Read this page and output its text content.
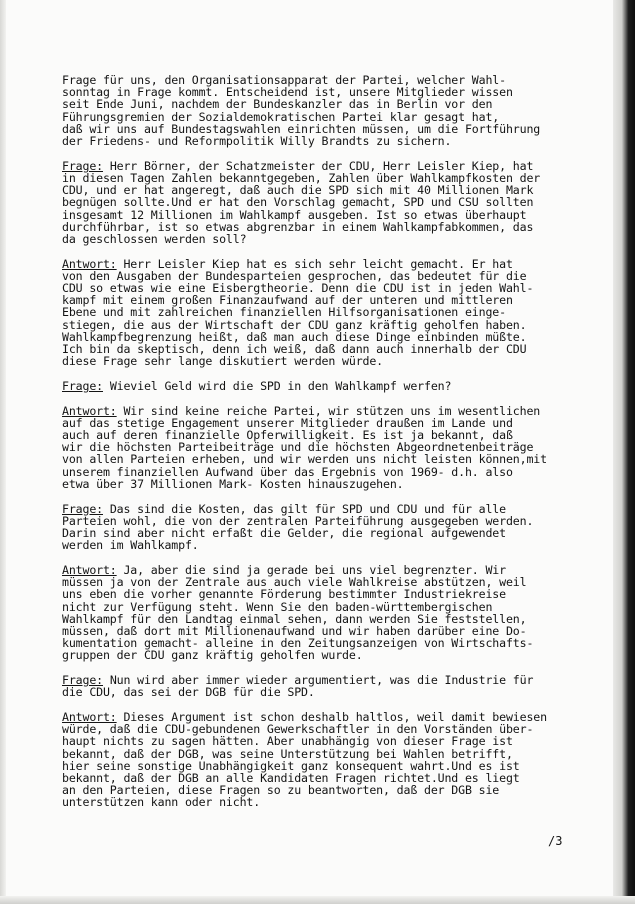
Frage für uns, den Organisationsapparat der Partei, welcher Wahl-
sonntag in Frage kommt. Entscheidend ist, unsere Mitglieder wissen
seit Ende Juni, nachdem der Bundeskanzler das in Berlin vor den
Führungsgremien der Sozialdemokratischen Partei klar gesagt hat,
daß wir uns auf Bundestagswahlen einrichten müssen, um die Fortführung
der Friedens- und Reformpolitik Willy Brandts zu sichern.

Frage: Herr Börner, der Schatzmeister der CDU, Herr Leisler Kiep, hat
in diesen Tagen Zahlen bekanntgegeben, Zahlen über Wahlkampfkosten der
CDU, und er hat angeregt, daß auch die SPD sich mit 40 Millionen Mark
begnügen sollte.Und er hat den Vorschlag gemacht, SPD und CSU sollten
insgesamt 12 Millionen im Wahlkampf ausgeben. Ist so etwas überhaupt
durchführbar, ist so etwas abgrenzbar in einem Wahlkampfabkommen, das
da geschlossen werden soll?

Antwort: Herr Leisler Kiep hat es sich sehr leicht gemacht. Er hat
von den Ausgaben der Bundesparteien gesprochen, das bedeutet für die
CDU so etwas wie eine Eisbergtheorie. Denn die CDU ist in jeden Wahl-
kampf mit einem großen Finanzaufwand auf der unteren und mittleren
Ebene und mit zahlreichen finanziellen Hilfsorganisationen einge-
stiegen, die aus der Wirtschaft der CDU ganz kräftig geholfen haben.
Wahlkampfbegrenzung heißt, daß man auch diese Dinge einbinden müßte.
Ich bin da skeptisch, denn ich weiß, daß dann auch innerhalb der CDU
diese Frage sehr lange diskutiert werden würde.

Frage: Wieviel Geld wird die SPD in den Wahlkampf werfen?

Antwort: Wir sind keine reiche Partei, wir stützen uns im wesentlichen
auf das stetige Engagement unserer Mitglieder draußen im Lande und
auch auf deren finanzielle Opferwilligkeit. Es ist ja bekannt, daß
wir die höchsten Parteibeiträge und die höchsten Abgeordnetenbeiträge
von allen Parteien erheben, und wir werden uns nicht leisten können,mit
unserem finanziellen Aufwand über das Ergebnis von 1969- d.h. also
etwa über 37 Millionen Mark- Kosten hinauszugehen.

Frage: Das sind die Kosten, das gilt für SPD und CDU und für alle
Parteien wohl, die von der zentralen Parteiführung ausgegeben werden.
Darin sind aber nicht erfaßt die Gelder, die regional aufgewendet
werden im Wahlkampf.

Antwort: Ja, aber die sind ja gerade bei uns viel begrenzter. Wir
müssen ja von der Zentrale aus auch viele Wahlkreise abstützen, weil
uns eben die vorher genannte Förderung bestimmter Industriekreise
nicht zur Verfügung steht. Wenn Sie den baden-württembergischen
Wahlkampf für den Landtag einmal sehen, dann werden Sie feststellen,
müssen, daß dort mit Millionenaufwand und wir haben darüber eine Do-
kumentation gemacht- alleine in den Zeitungsanzeigen von Wirtschafts-
gruppen der CDU ganz kräftig geholfen wurde.

Frage: Nun wird aber immer wieder argumentiert, was die Industrie für
die CDU, das sei der DGB für die SPD.

Antwort: Dieses Argument ist schon deshalb haltlos, weil damit bewiesen
würde, daß die CDU-gebundenen Gewerkschaftler in den Vorständen über-
haupt nichts zu sagen hätten. Aber unabhängig von dieser Frage ist
bekannt, daß der DGB, was seine Unterstützung bei Wahlen betrifft,
hier seine sonstige Unabhängigkeit ganz konsequent wahrt.Und es ist
bekannt, daß der DGB an alle Kandidaten Fragen richtet.Und es liegt
an den Parteien, diese Fragen so zu beantworten, daß der DGB sie
unterstützen kann oder nicht.

/3
